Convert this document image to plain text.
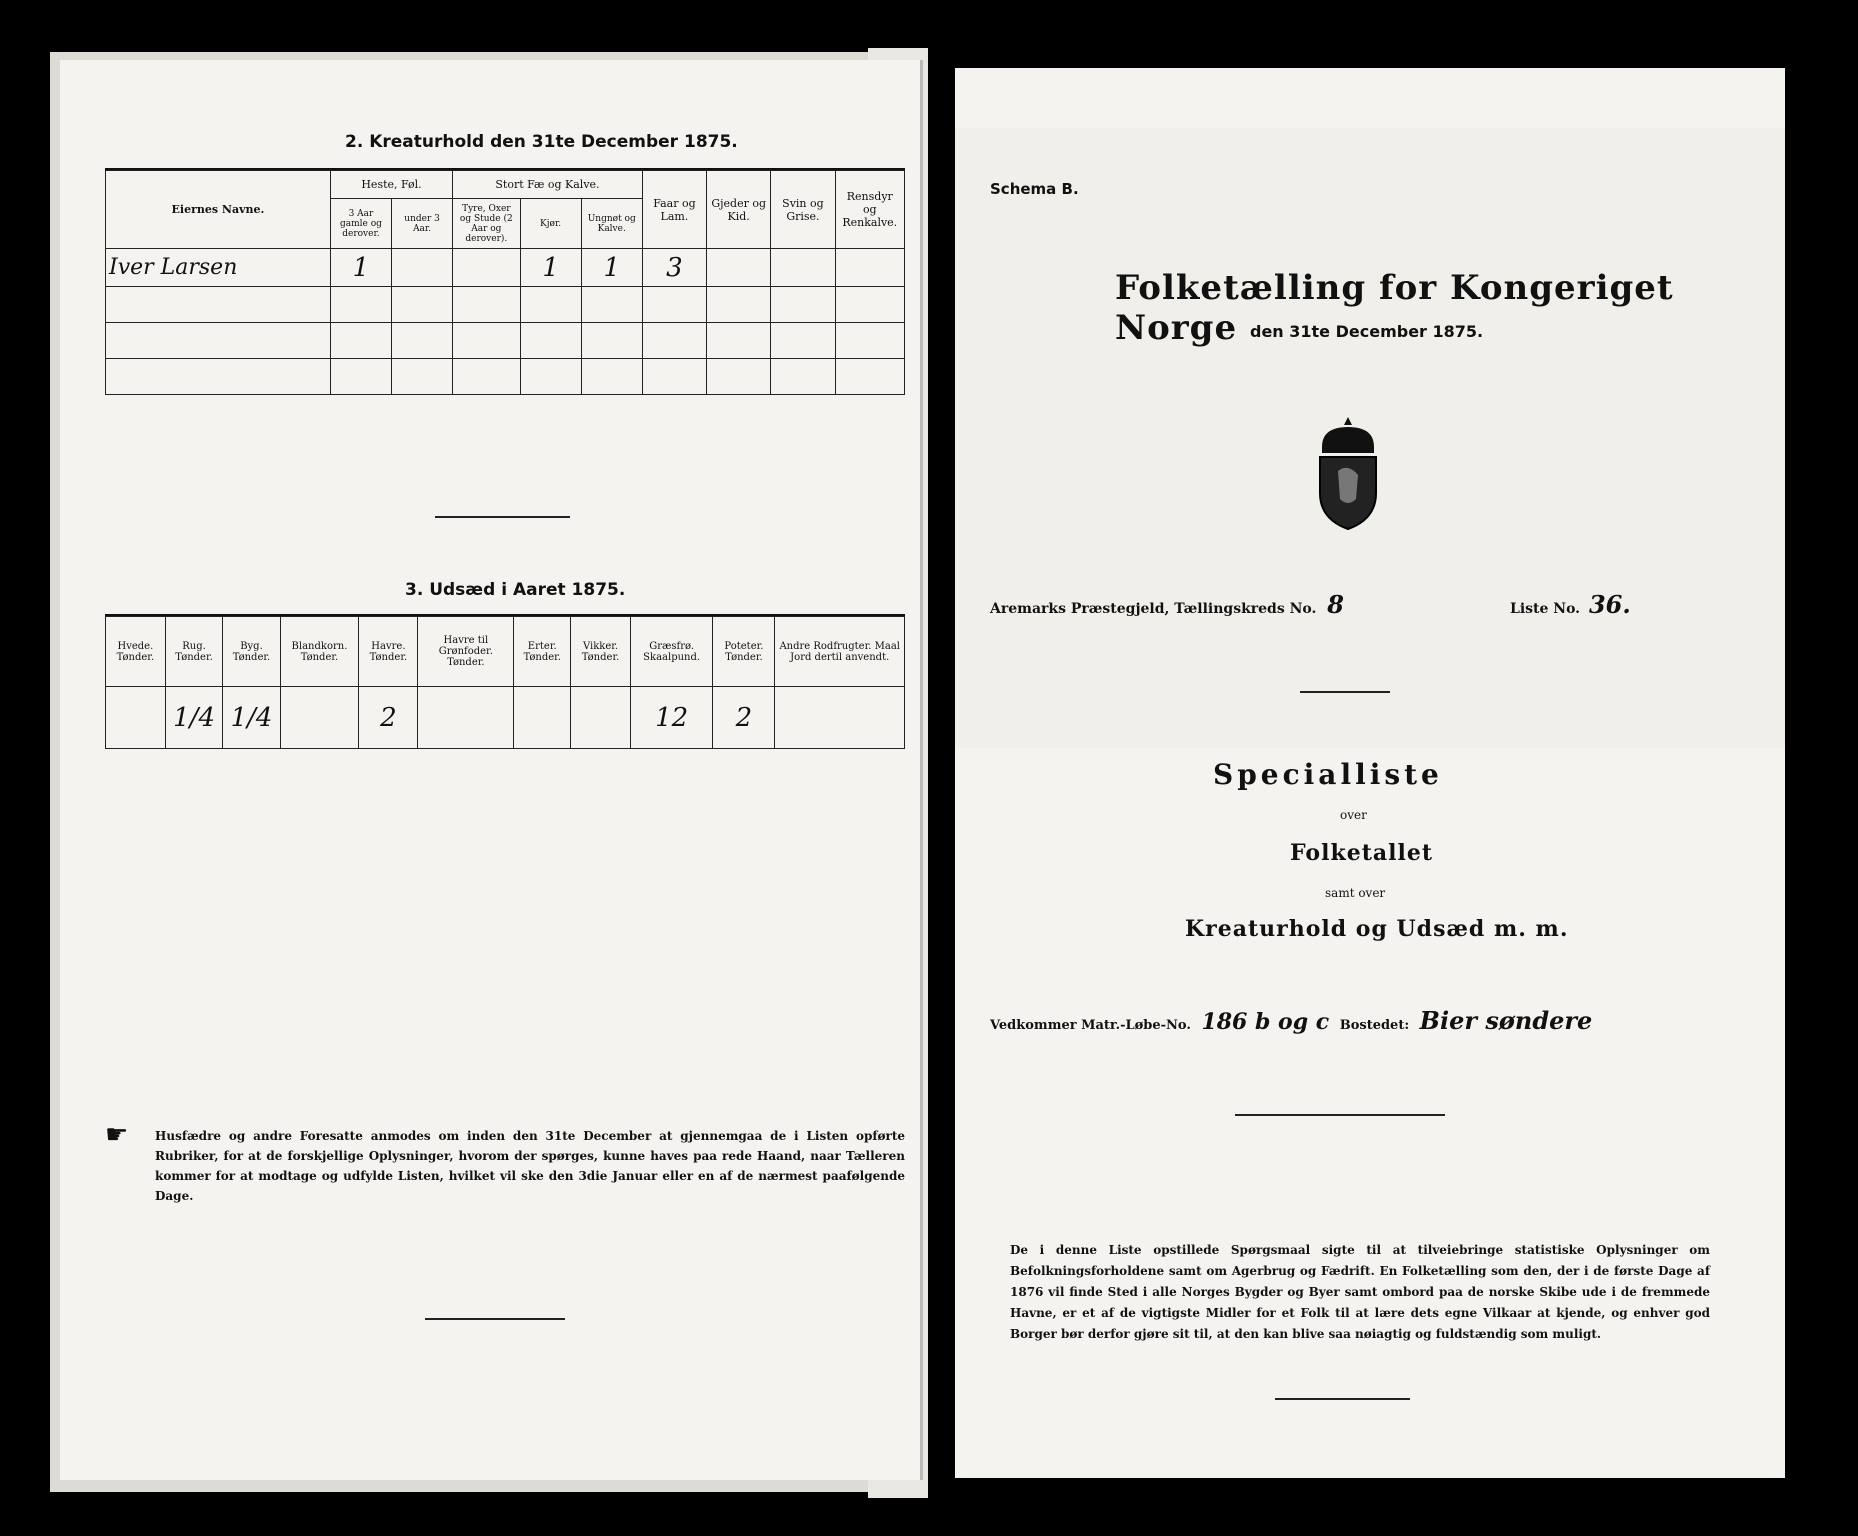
2. Kreaturhold den 31te December 1875.
Eiernes Navne.	Heste, Føl.		Stort Fæ og Kalve.			Faar og Lam.	Gjeder og Kid.	Svin og Grise.	Rensdyr og Renkalve.
	3 Aar gamle og derover.	under 3 Aar.	Tyre, Oxer og Stude (2 Aar og derover).	Kjør.	Ungnøt og Kalve.				
Iver Larsen	1			1	1	3			

3. Udsæd i Aaret 1875.
Hvede. Tønder.	Rug. Tønder.	Byg. Tønder.	Blandkorn. Tønder.	Havre. Tønder.	Havre til Grønfoder. Tønder.	Erter. Tønder.	Vikker. Tønder.	Græsfrø. Skaalpund.	Poteter. Tønder.	Andre Rodfrugter. Maal Jord dertil anvendt.
	1/4	1/4		2				12	2	
☛ Husfædre og andre Foresatte anmodes om inden den 31te December at gjennemgaa de i Listen opførte Rubriker, for at de forskjellige Oplysninger, hvorom der spørges, kunne haves paa rede Haand, naar Tælleren kommer for at modtage og udfylde Listen, hvilket vil ske den 3die Januar eller en af de nærmest paafølgende Dage.
Schema B.
Folketælling for Kongeriget Norge den 31te December 1875.
Aremarks Præstegjeld, Tællingskreds No. 8	Liste No. 36.
Specialliste
over
Folketallet
samt over
Kreaturhold og Udsæd m. m.
Vedkommer Matr.-Løbe-No. 186 b og c Bostedet: Bier søndere
De i denne Liste opstillede Spørgsmaal sigte til at tilveiebringe statistiske Oplysninger om Befolkningsforholdene samt om Agerbrug og Fædrift. En Folketælling som den, der i de første Dage af 1876 vil finde Sted i alle Norges Bygder og Byer samt ombord paa de norske Skibe ude i de fremmede Havne, er et af de vigtigste Midler for et Folk til at lære dets egne Vilkaar at kjende, og enhver god Borger bør derfor gjøre sit til, at den kan blive saa nøiagtig og fuldstændig som muligt.
